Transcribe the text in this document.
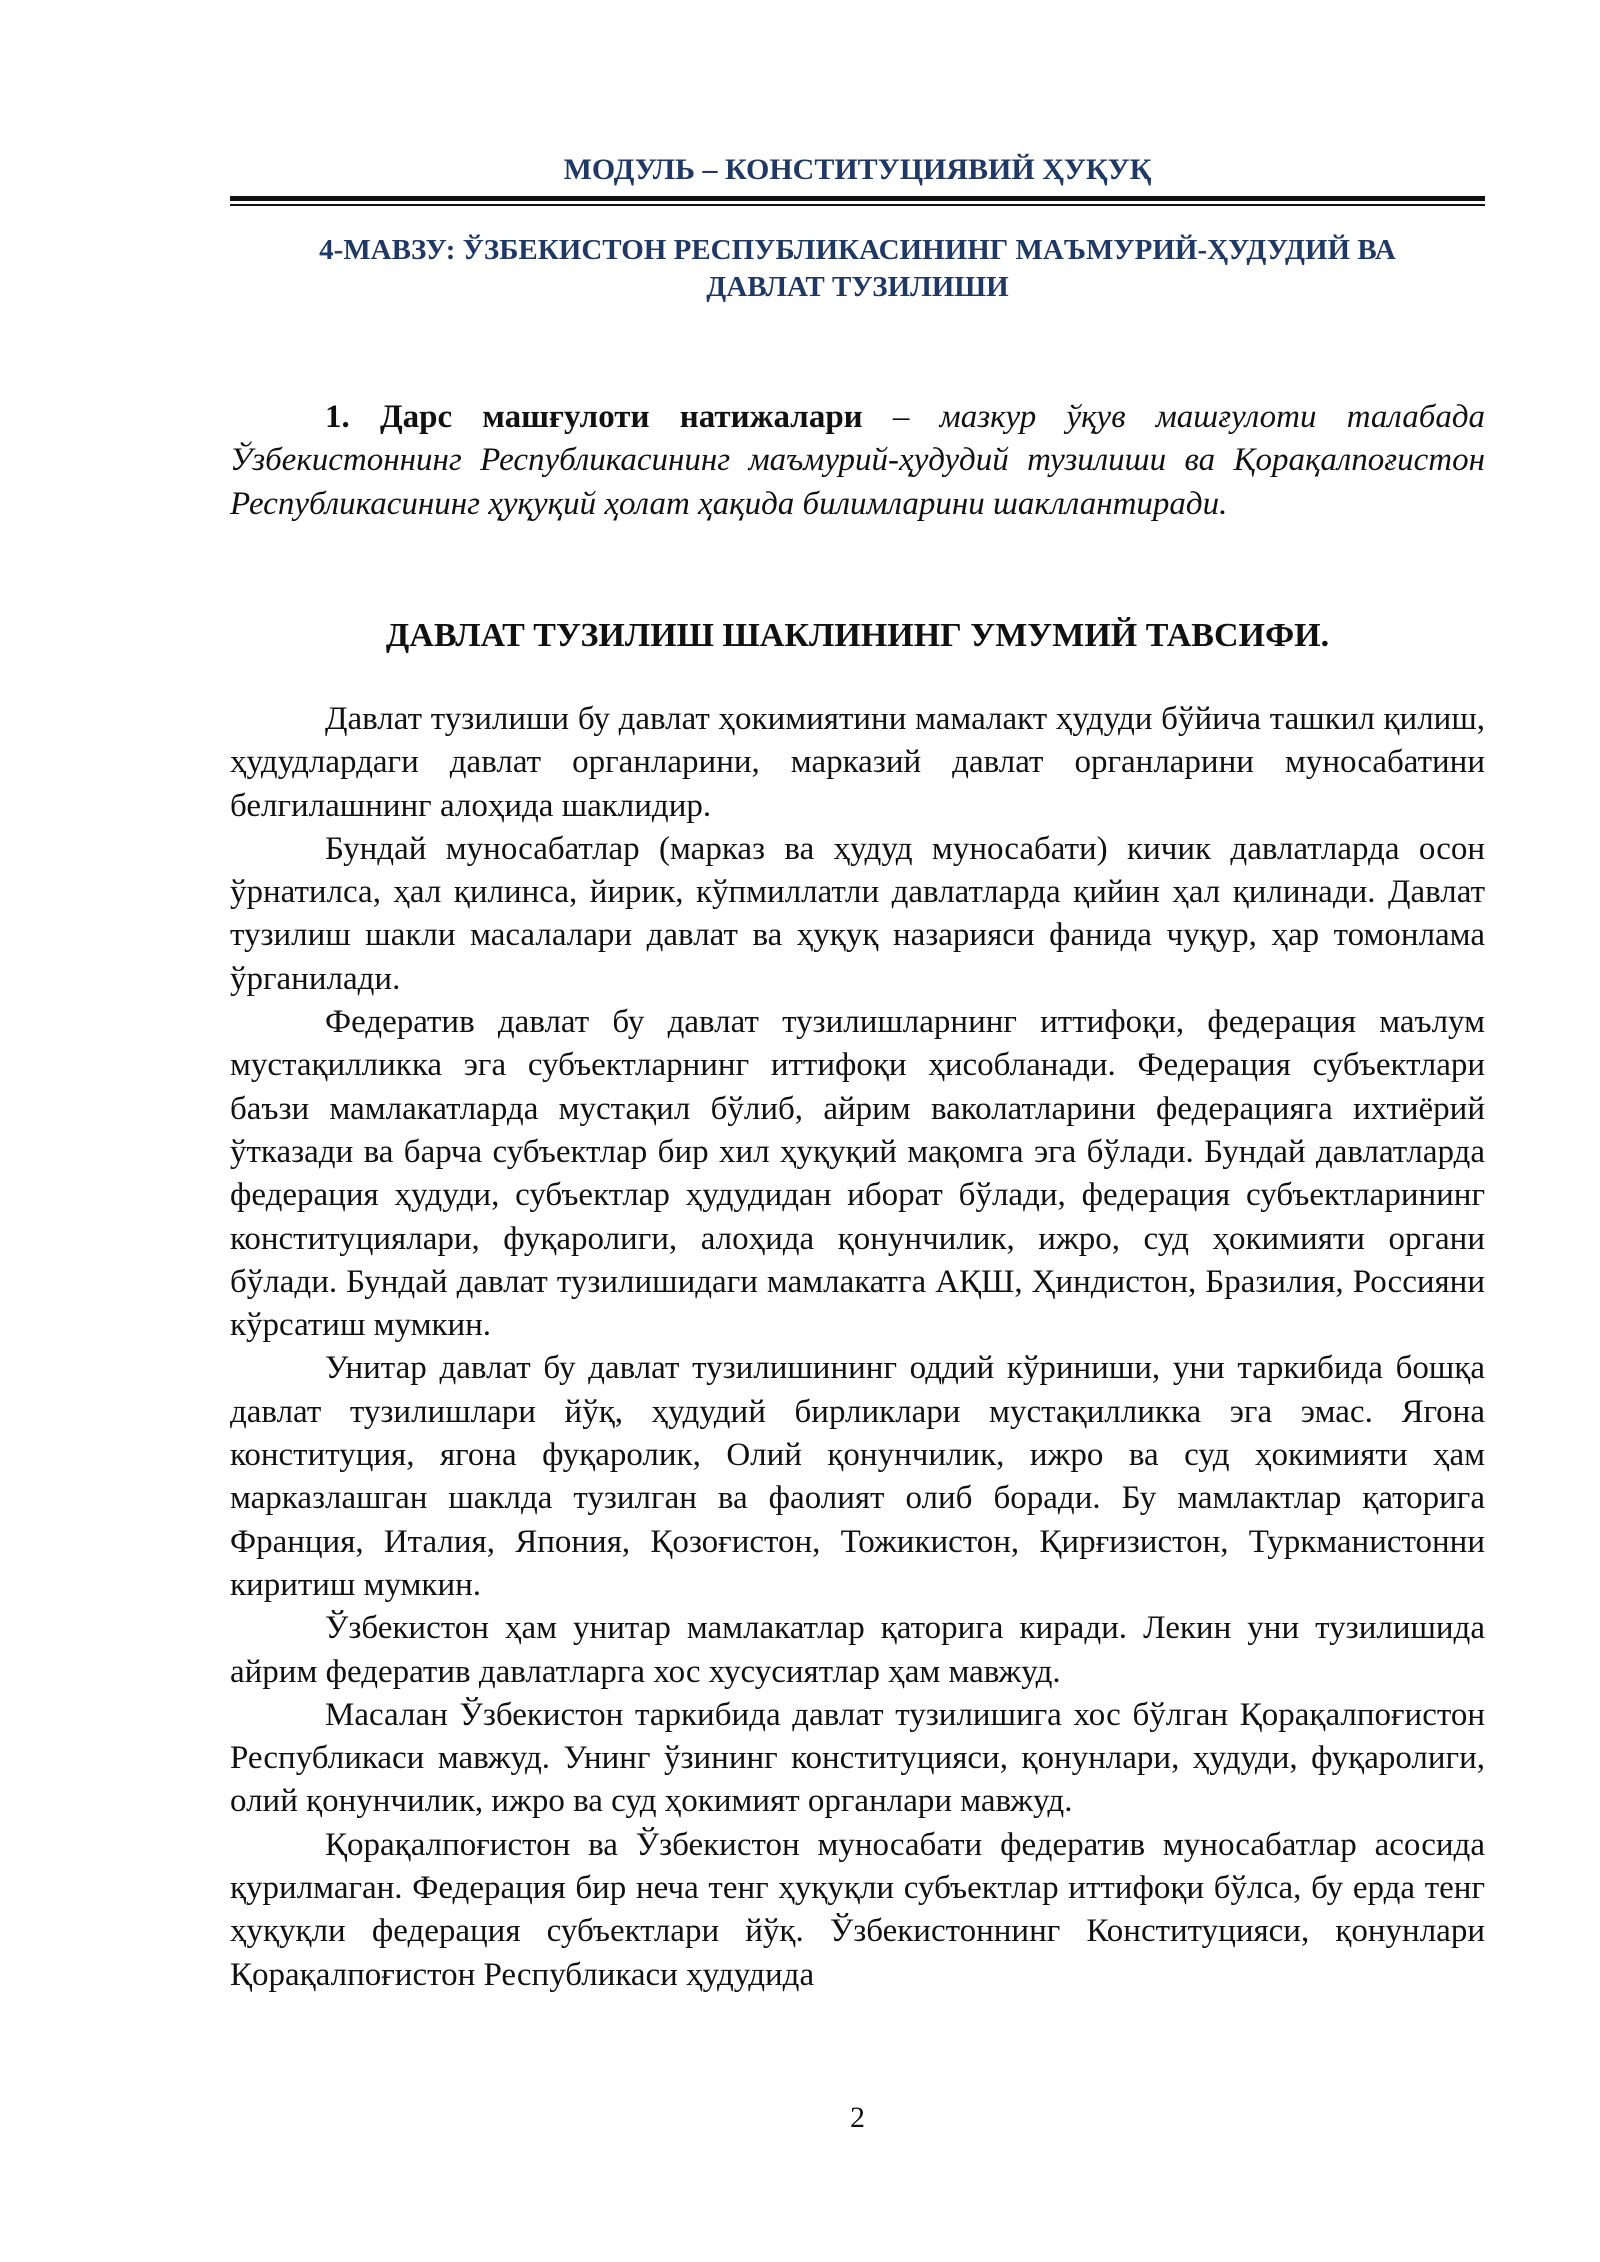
МОДУЛЬ – КОНСТИТУЦИЯВИЙ ҲУҚУҚ
4-МАВЗУ: ЎЗБЕКИСТОН РЕСПУБЛИКАСИНИНГ МАЪМУРИЙ-ҲУДУДИЙ ВА
ДАВЛАТ ТУЗИЛИШИ

1. Дарс машғулоти натижалари – мазкур ўқув машғулоти талабада Ўзбекистоннинг Республикасининг маъмурий-ҳудудий тузилиши ва Қорақалпоғистон Республикасининг ҳуқуқий ҳолат ҳақида билимларини шакллантиради.

ДАВЛАТ ТУЗИЛИШ ШАКЛИНИНГ УМУМИЙ ТАВСИФИ.

Давлат тузилиши бу давлат ҳокимиятини мамалакт ҳудуди бўйича ташкил қилиш, ҳудудлардаги давлат органларини, марказий давлат органларини муносабатини белгилашнинг алоҳида шаклидир.

Бундай муносабатлар (марказ ва ҳудуд муносабати) кичик давлатларда осон ўрнатилса, ҳал қилинса, йирик, кўпмиллатли давлатларда қийин ҳал қилинади. Давлат тузилиш шакли масалалари давлат ва ҳуқуқ назарияси фанида чуқур, ҳар томонлама ўрганилади.

Федератив давлат бу давлат тузилишларнинг иттифоқи, федерация маълум мустақилликка эга субъектларнинг иттифоқи ҳисобланади. Федерация субъектлари баъзи мамлакатларда мустақил бўлиб, айрим ваколатларини федерацияга ихтиёрий ўтказади ва барча субъектлар бир хил ҳуқуқий мақомга эга бўлади. Бундай давлатларда федерация ҳудуди, субъектлар ҳудудидан иборат бўлади, федерация субъектларининг конституциялари, фуқаролиги, алоҳида қонунчилик, ижро, суд ҳокимияти органи бўлади. Бундай давлат тузилишидаги мамлакатга АҚШ, Ҳиндистон, Бразилия, Россияни кўрсатиш мумкин.

Унитар давлат бу давлат тузилишининг оддий кўриниши, уни таркибида бошқа давлат тузилишлари йўқ, ҳудудий бирликлари мустақилликка эга эмас. Ягона конституция, ягона фуқаролик, Олий қонунчилик, ижро ва суд ҳокимияти ҳам марказлашган шаклда тузилган ва фаолият олиб боради. Бу мамлактлар қаторига Франция, Италия, Япония, Қозоғистон, Тожикистон, Қирғизистон, Туркманистонни киритиш мумкин.

Ўзбекистон ҳам унитар мамлакатлар қаторига киради. Лекин уни тузилишида айрим федератив давлатларга хос хусусиятлар ҳам мавжуд.

Масалан Ўзбекистон таркибида давлат тузилишига хос бўлган Қорақалпоғистон Республикаси мавжуд. Унинг ўзининг конституцияси, қонунлари, ҳудуди, фуқаролиги, олий қонунчилик, ижро ва суд ҳокимият органлари мавжуд.

Қорақалпоғистон ва Ўзбекистон муносабати федератив муносабатлар асосида қурилмаган. Федерация бир неча тенг ҳуқуқли субъектлар иттифоқи бўлса, бу ерда тенг ҳуқуқли федерация субъектлари йўқ. Ўзбекистоннинг Конституцияси, қонунлари Қорақалпоғистон Республикаси ҳудудида

2
